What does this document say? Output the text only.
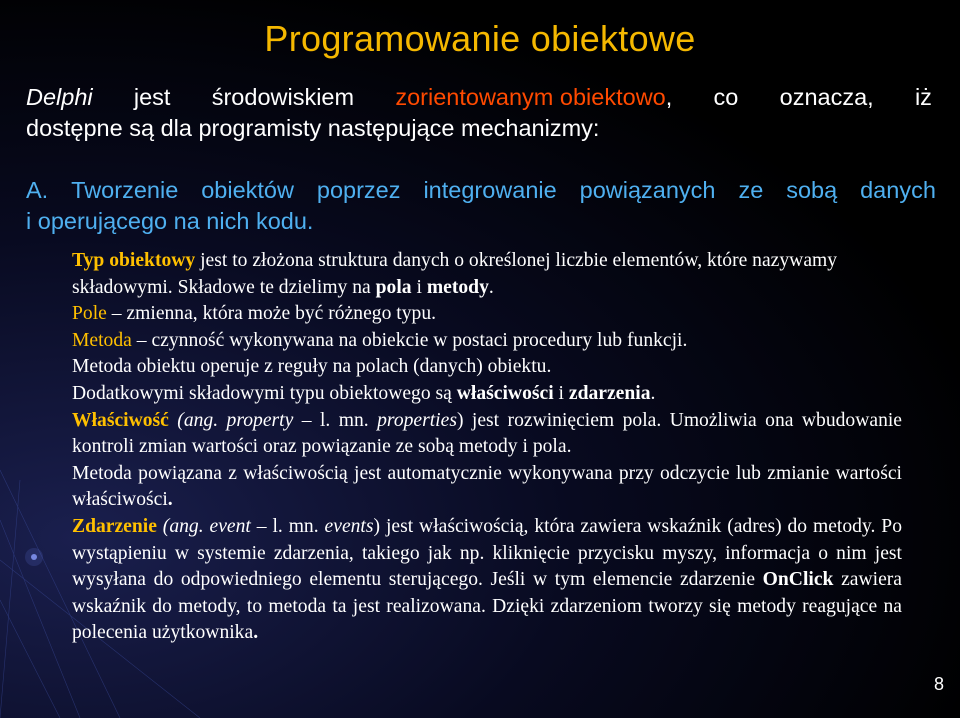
Programowanie obiektowe
Delphi jest środowiskiem zorientowanym obiektowo, co oznacza, iż
dostępne są dla programisty następujące mechanizmy:
A. Tworzenie obiektów poprzez integrowanie powiązanych ze sobą danych
i operującego na nich kodu.

Typ obiektowy jest to złożona struktura danych o określonej liczbie elementów, które nazywamy składowymi. Składowe te dzielimy na pola i metody.

Pole – zmienna, która może być różnego typu.

Metoda – czynność wykonywana na obiekcie w postaci procedury lub funkcji.

Metoda obiektu operuje z reguły na polach (danych) obiektu.

Dodatkowymi składowymi typu obiektowego są właściwości i zdarzenia.

Właściwość (ang. property – l. mn. properties) jest rozwinięciem pola. Umożliwia ona wbudowanie kontroli zmian wartości oraz powiązanie ze sobą metody i pola.

Metoda powiązana z właściwością jest automatycznie wykonywana przy odczycie lub zmianie wartości właściwości.

Zdarzenie (ang. event – l. mn. events) jest właściwością, która zawiera wskaźnik (adres) do metody. Po wystąpieniu w systemie zdarzenia, takiego jak np. kliknięcie przycisku myszy, informacja o nim jest wysyłana do odpowiedniego elementu sterującego. Jeśli w tym elemencie zdarzenie OnClick zawiera wskaźnik do metody, to metoda ta jest realizowana. Dzięki zdarzeniom tworzy się metody reagujące na polecenia użytkownika.

8
